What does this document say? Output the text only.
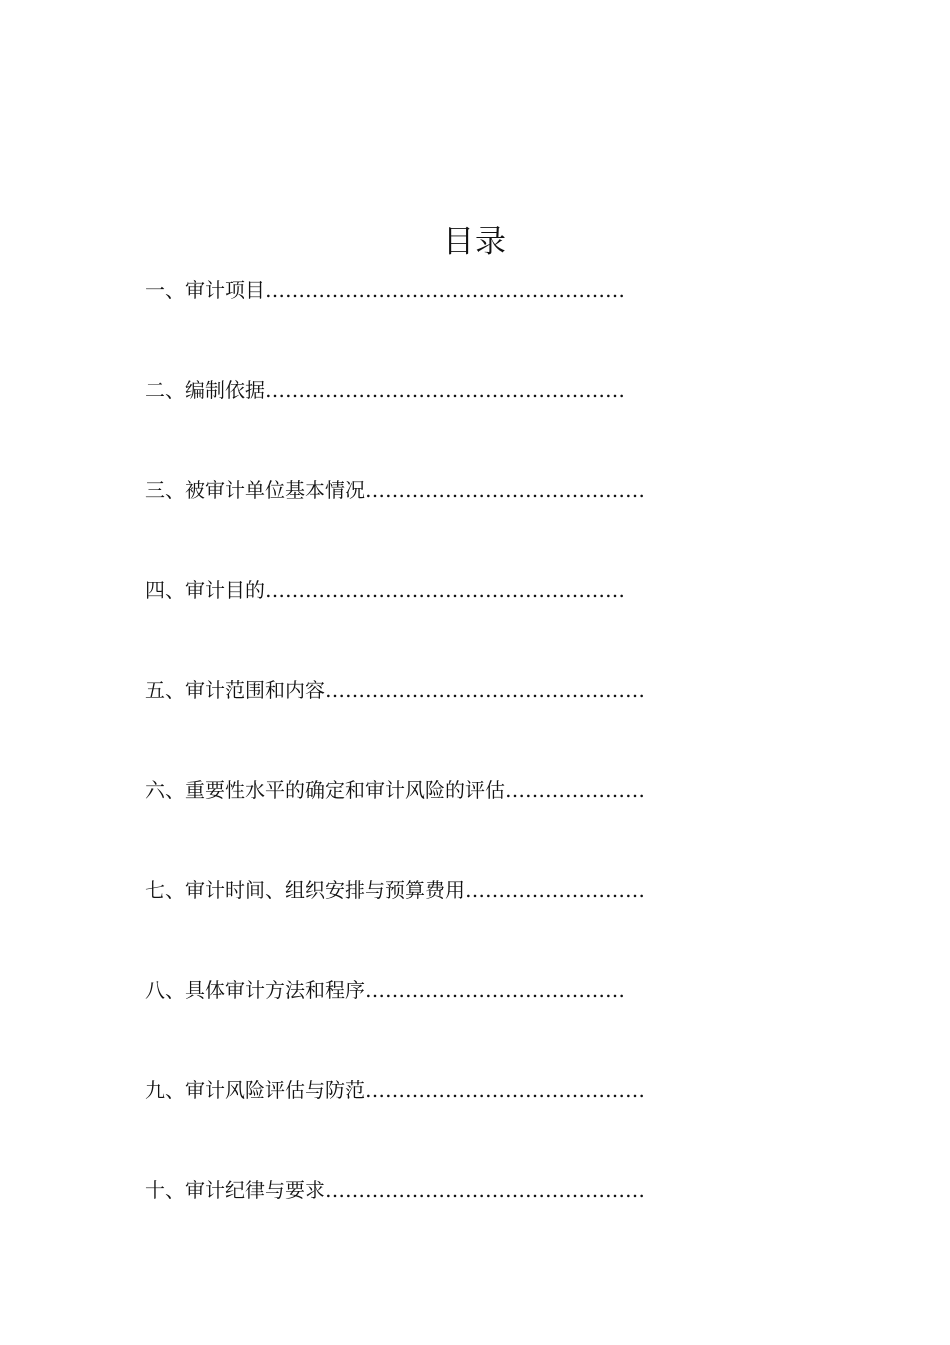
目录
一、审计项目………………………………………………
二、编制依据………………………………………………
三、被审计单位基本情况……………………………………
四、审计目的………………………………………………
五、审计范围和内容…………………………………………
六、重要性水平的确定和审计风险的评估…………………
七、审计时间、组织安排与预算费用………………………
八、具体审计方法和程序…………………………………
九、审计风险评估与防范……………………………………
十、审计纪律与要求…………………………………………
